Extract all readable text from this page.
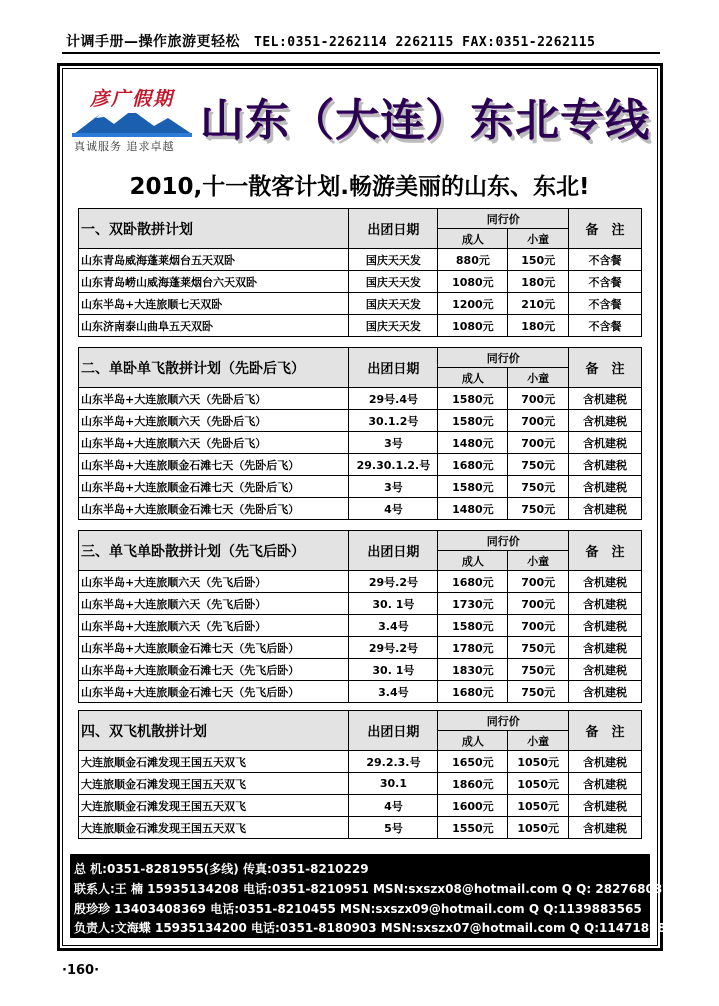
计调手册—操作旅游更轻松 TEL:0351-2262114 2262115 FAX:0351-2262115
彦广假期
真诚服务 追求卓越
山东（大连）东北专线
2010,十一散客计划.畅游美丽的山东、东北!
一、双卧散拼计划	出团日期	同行价		备　注
		成人	小童	
山东青岛威海蓬莱烟台五天双卧	国庆天天发	880元	150元	不含餐
山东青岛崂山威海蓬莱烟台六天双卧	国庆天天发	1080元	180元	不含餐
山东半岛+大连旅顺七天双卧	国庆天天发	1200元	210元	不含餐
山东济南泰山曲阜五天双卧	国庆天天发	1080元	180元	不含餐
二、单卧单飞散拼计划（先卧后飞）	出团日期	同行价		备　注
		成人	小童	
山东半岛+大连旅顺六天（先卧后飞）	29号.4号	1580元	700元	含机建税
山东半岛+大连旅顺六天（先卧后飞）	30.1.2号	1580元	700元	含机建税
山东半岛+大连旅顺六天（先卧后飞）	3号	1480元	700元	含机建税
山东半岛+大连旅顺金石滩七天（先卧后飞）	29.30.1.2.号	1680元	750元	含机建税
山东半岛+大连旅顺金石滩七天（先卧后飞）	3号	1580元	750元	含机建税
山东半岛+大连旅顺金石滩七天（先卧后飞）	4号	1480元	750元	含机建税
三、单飞单卧散拼计划（先飞后卧）	出团日期	同行价		备　注
		成人	小童	
山东半岛+大连旅顺六天（先飞后卧）	29号.2号	1680元	700元	含机建税
山东半岛+大连旅顺六天（先飞后卧）	30. 1号	1730元	700元	含机建税
山东半岛+大连旅顺六天（先飞后卧）	3.4号	1580元	700元	含机建税
山东半岛+大连旅顺金石滩七天（先飞后卧）	29号.2号	1780元	750元	含机建税
山东半岛+大连旅顺金石滩七天（先飞后卧）	30. 1号	1830元	750元	含机建税
山东半岛+大连旅顺金石滩七天（先飞后卧）	3.4号	1680元	750元	含机建税
四、双飞机散拼计划	出团日期	同行价		备　注
		成人	小童	
大连旅顺金石滩发现王国五天双飞	29.2.3.号	1650元	1050元	含机建税
大连旅顺金石滩发现王国五天双飞	30.1	1860元	1050元	含机建税
大连旅顺金石滩发现王国五天双飞	4号	1600元	1050元	含机建税
大连旅顺金石滩发现王国五天双飞	5号	1550元	1050元	含机建税
总 机:0351-8281955(多线) 传真:0351-8210229
联系人:王 楠 15935134208 电话:0351-8210951 MSN:sxszx08@hotmail.com Q Q: 282768087
殷珍珍 13403408369 电话:0351-8210455 MSN:sxszx09@hotmail.com Q Q:1139883565
负责人:文海蝶 15935134200 电话:0351-8180903 MSN:sxszx07@hotmail.com Q Q:1147189822
·160·
